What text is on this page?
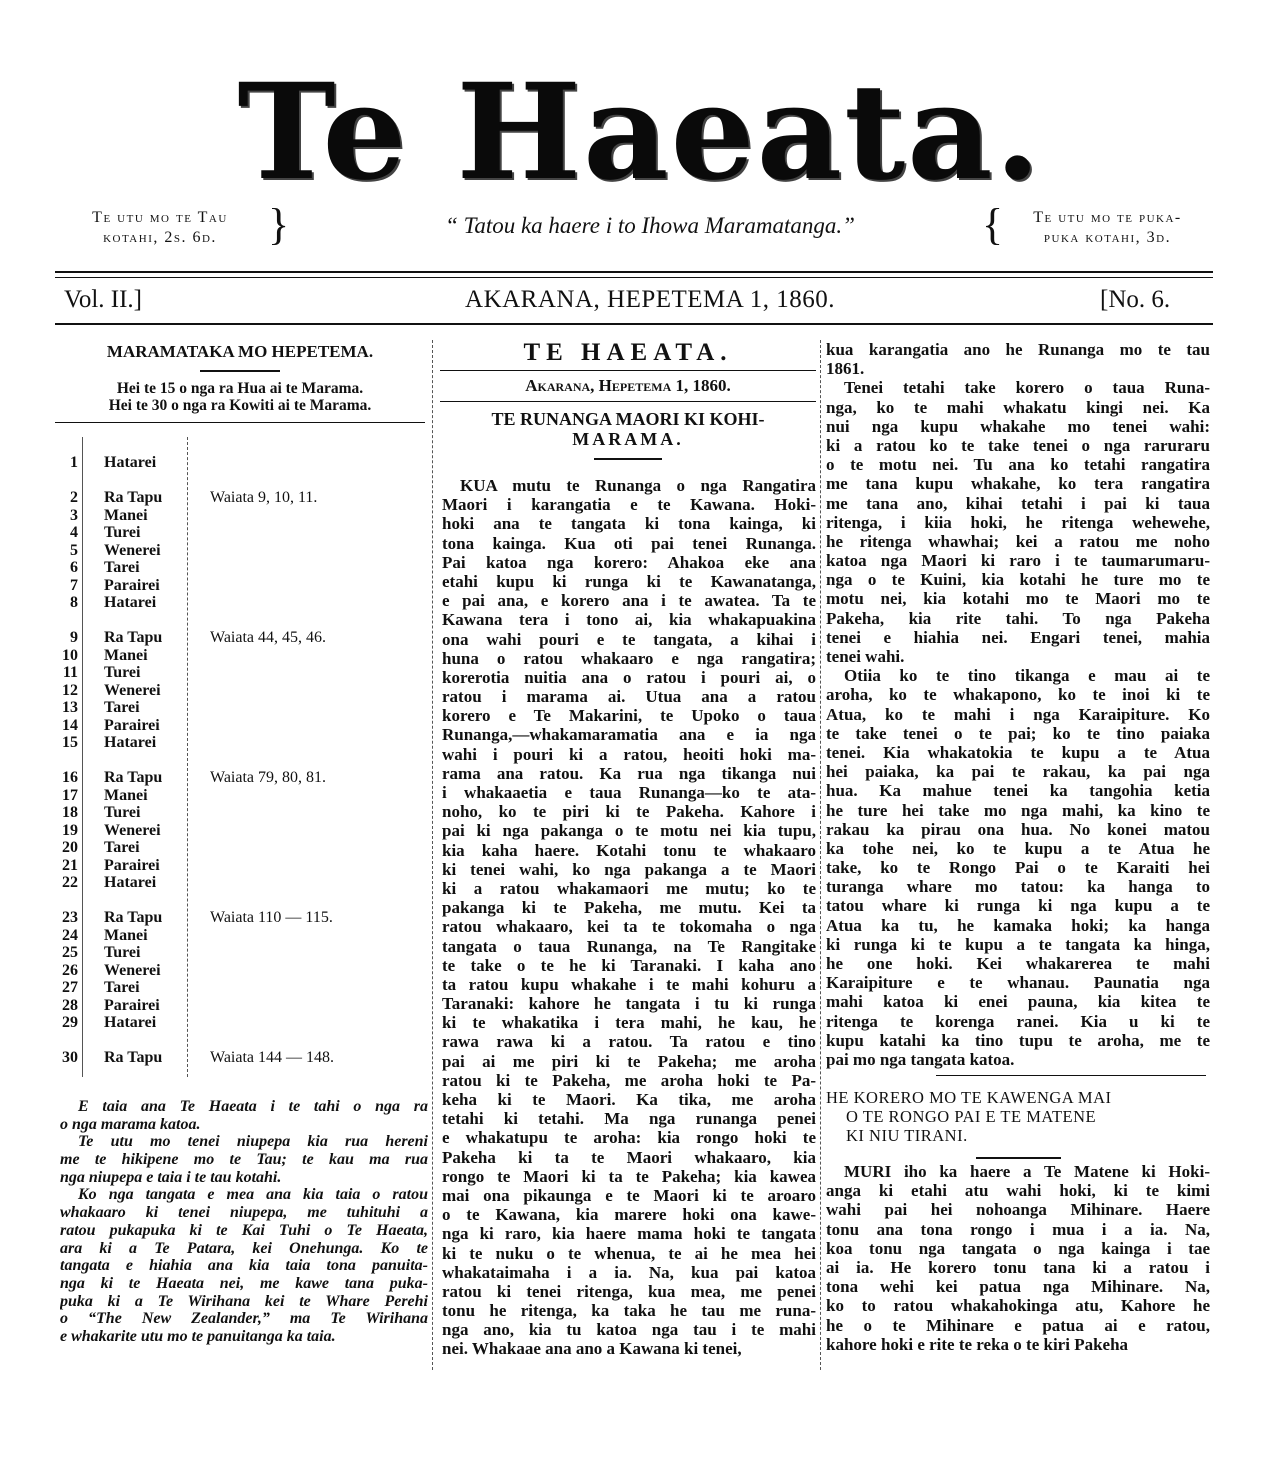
Te Haeata.
Te utu mo te Tau
kotahi, 2s. 6d.	}	“ Tatou ka haere i to Ihowa Maramatanga.”	{	Te utu mo te puka-
puka kotahi, 3d.
Vol. II.]	AKARANA, HEPETEMA 1, 1860.	[No. 6.
MARAMATAKA MO HEPETEMA.
Hei te 15 o nga ra Hua ai te Marama.
Hei te 30 o nga ra Kowiti ai te Marama.
1 Hatarei
2 Ra Tapu	Waiata 9, 10, 11.
3 Manei
4 Turei
5 Wenerei
6 Tarei
7 Parairei
8 Hatarei
9 Ra Tapu	Waiata 44, 45, 46.
10 Manei
11 Turei
12 Wenerei
13 Tarei
14 Parairei
15 Hatarei
16 Ra Tapu	Waiata 79, 80, 81.
17 Manei
18 Turei
19 Wenerei
20 Tarei
21 Parairei
22 Hatarei
23 Ra Tapu	Waiata 110 — 115.
24 Manei
25 Turei
26 Wenerei
27 Tarei
28 Parairei
29 Hatarei
30 Ra Tapu	Waiata 144 — 148.
E taia ana Te Haeata i te tahi o nga ra
o nga marama katoa.
Te utu mo tenei niupepa kia rua hereni
me te hikipene mo te Tau; te kau ma rua
nga niupepa e taia i te tau kotahi.
Ko nga tangata e mea ana kia taia o ratou
whakaaro ki tenei niupepa, me tuhituhi a
ratou pukapuka ki te Kai Tuhi o Te Haeata,
ara ki a Te Patara, kei Onehunga. Ko te
tangata e hiahia ana kia taia tona panuita-
nga ki te Haeata nei, me kawe tana puka-
puka ki a Te Wirihana kei te Whare Perehi
o “The New Zealander,” ma Te Wirihana
e whakarite utu mo te panuitanga ka taia.
TE HAEATA.
Akarana, Hepetema 1, 1860.
TE RUNANGA MAORI KI KOHI-
MARAMA.
KUA mutu te Runanga o nga Rangatira
Maori i karangatia e te Kawana. Hoki-
hoki ana te tangata ki tona kainga, ki
tona kainga. Kua oti pai tenei Runanga.
Pai katoa nga korero: Ahakoa eke ana
etahi kupu ki runga ki te Kawanatanga,
e pai ana, e korero ana i te awatea. Ta te
Kawana tera i tono ai, kia whakapuakina
ona wahi pouri e te tangata, a kihai i
huna o ratou whakaaro e nga rangatira;
korerotia nuitia ana o ratou i pouri ai, o
ratou i marama ai. Utua ana a ratou
korero e Te Makarini, te Upoko o taua
Runanga,—whakamaramatia ana e ia nga
wahi i pouri ki a ratou, heoiti hoki ma-
rama ana ratou. Ka rua nga tikanga nui
i whakaaetia e taua Runanga—ko te ata-
noho, ko te piri ki te Pakeha. Kahore i
pai ki nga pakanga o te motu nei kia tupu,
kia kaha haere. Kotahi tonu te whakaaro
ki tenei wahi, ko nga pakanga a te Maori
ki a ratou whakamaori me mutu; ko te
pakanga ki te Pakeha, me mutu. Kei ta
ratou whakaaro, kei ta te tokomaha o nga
tangata o taua Runanga, na Te Rangitake
te take o te he ki Taranaki. I kaha ano
ta ratou kupu whakahe i te mahi kohuru a
Taranaki: kahore he tangata i tu ki runga
ki te whakatika i tera mahi, he kau, he
rawa rawa ki a ratou. Ta ratou e tino
pai ai me piri ki te Pakeha; me aroha
ratou ki te Pakeha, me aroha hoki te Pa-
keha ki te Maori. Ka tika, me aroha
tetahi ki tetahi. Ma nga runanga penei
e whakatupu te aroha: kia rongo hoki te
Pakeha ki ta te Maori whakaaro, kia
rongo te Maori ki ta te Pakeha; kia kawea
mai ona pikaunga e te Maori ki te aroaro
o te Kawana, kia marere hoki ona kawe-
nga ki raro, kia haere mama hoki te tangata
ki te nuku o te whenua, te ai he mea hei
whakataimaha i a ia. Na, kua pai katoa
ratou ki tenei ritenga, kua mea, me penei
tonu he ritenga, ka taka he tau me runa-
nga ano, kia tu katoa nga tau i te mahi
nei. Whakaae ana ano a Kawana ki tenei,
kua karangatia ano he Runanga mo te tau
1861.
Tenei tetahi take korero o taua Runa-
nga, ko te mahi whakatu kingi nei. Ka
nui nga kupu whakahe mo tenei wahi:
ki a ratou ko te take tenei o nga raruraru
o te motu nei. Tu ana ko tetahi rangatira
me tana kupu whakahe, ko tera rangatira
me tana ano, kihai tetahi i pai ki taua
ritenga, i kiia hoki, he ritenga wehewehe,
he ritenga whawhai; kei a ratou me noho
katoa nga Maori ki raro i te taumarumaru-
nga o te Kuini, kia kotahi he ture mo te
motu nei, kia kotahi mo te Maori mo te
Pakeha, kia rite tahi. To nga Pakeha
tenei e hiahia nei. Engari tenei, mahia
tenei wahi.
Otiia ko te tino tikanga e mau ai te
aroha, ko te whakapono, ko te inoi ki te
Atua, ko te mahi i nga Karaipiture. Ko
te take tenei o te pai; ko te tino paiaka
tenei. Kia whakatokia te kupu a te Atua
hei paiaka, ka pai te rakau, ka pai nga
hua. Ka mahue tenei ka tangohia ketia
he ture hei take mo nga mahi, ka kino te
rakau ka pirau ona hua. No konei matou
ka tohe nei, ko te kupu a te Atua he
take, ko te Rongo Pai o te Karaiti hei
turanga whare mo tatou: ka hanga to
tatou whare ki runga ki nga kupu a te
Atua ka tu, he kamaka hoki; ka hanga
ki runga ki te kupu a te tangata ka hinga,
he one hoki. Kei whakarerea te mahi
Karaipiture e te whanau. Paunatia nga
mahi katoa ki enei pauna, kia kitea te
ritenga te korenga ranei. Kia u ki te
kupu katahi ka tino tupu te aroha, me te
pai mo nga tangata katoa.
HE KORERO MO TE KAWENGA MAI
O TE RONGO PAI E TE MATENE
KI NIU TIRANI.
MURI iho ka haere a Te Matene ki Hoki-
anga ki etahi atu wahi hoki, ki te kimi
wahi pai hei nohoanga Mihinare. Haere
tonu ana tona rongo i mua i a ia. Na,
koa tonu nga tangata o nga kainga i tae
ai ia. He korero tonu tana ki a ratou i
tona wehi kei patua nga Mihinare. Na,
ko to ratou whakahokinga atu, Kahore he
he o te Mihinare e patua ai e ratou,
kahore hoki e rite te reka o te kiri Pakeha
